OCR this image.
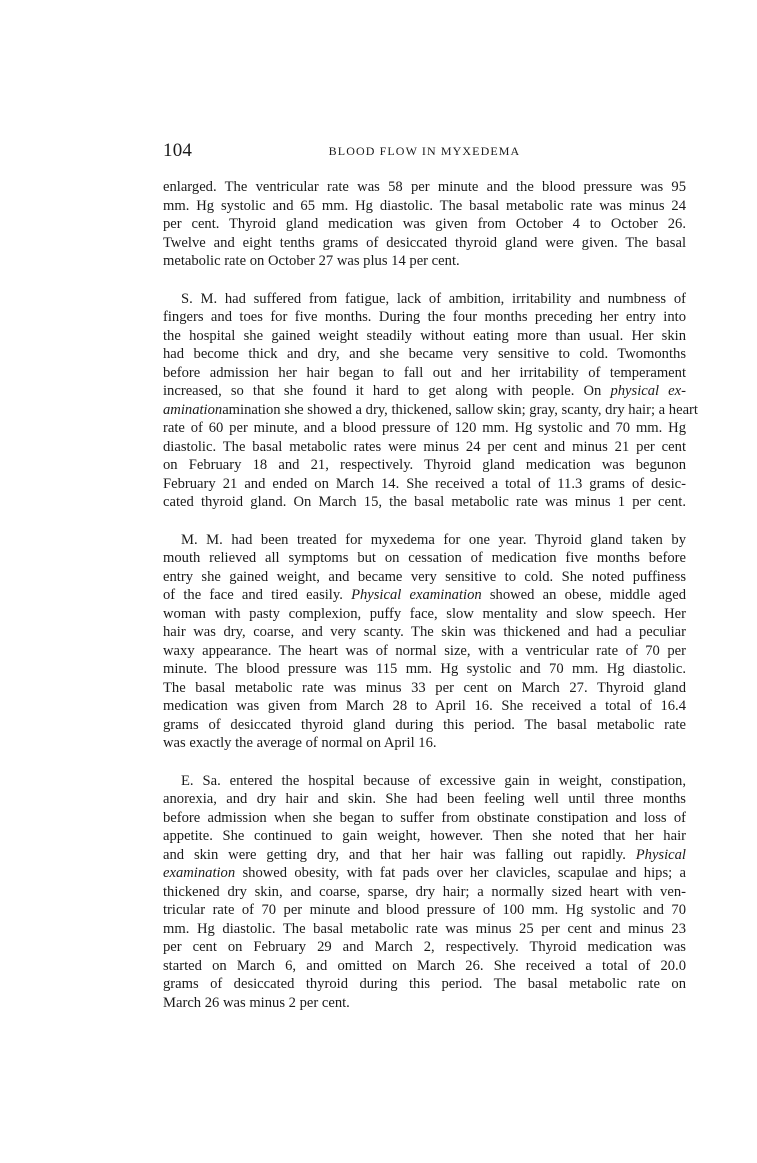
104	BLOOD FLOW IN MYXEDEMA

enlarged. The ventricular rate was 58 per minute and the blood pressure was 95
mm. Hg systolic and 65 mm. Hg diastolic. The basal metabolic rate was minus 24
per cent. Thyroid gland medication was given from October 4 to October 26.
Twelve and eight tenths grams of desiccated thyroid gland were given. The basal
metabolic rate on October 27 was plus 14 per cent.

S. M. had suffered from fatigue, lack of ambition, irritability and numbness of
fingers and toes for five months. During the four months preceding her entry into
the hospital she gained weight steadily without eating more than usual. Her skin
had become thick and dry, and she became very sensitive to cold. Twomonths
before admission her hair began to fall out and her irritability of temperament
increased, so that she found it hard to get along with people. On physical ex-
aminationamination she showed a dry, thickened, sallow skin; gray, scanty, dry hair; a heart
rate of 60 per minute, and a blood pressure of 120 mm. Hg systolic and 70 mm. Hg
diastolic. The basal metabolic rates were minus 24 per cent and minus 21 per cent
on February 18 and 21, respectively. Thyroid gland medication was begunon
February 21 and ended on March 14. She received a total of 11.3 grams of desic-
cated thyroid gland. On March 15, the basal metabolic rate was minus 1 per cent.

M. M. had been treated for myxedema for one year. Thyroid gland taken by
mouth relieved all symptoms but on cessation of medication five months before
entry she gained weight, and became very sensitive to cold. She noted puffiness
of the face and tired easily. Physical examination showed an obese, middle aged
woman with pasty complexion, puffy face, slow mentality and slow speech. Her
hair was dry, coarse, and very scanty. The skin was thickened and had a peculiar
waxy appearance. The heart was of normal size, with a ventricular rate of 70 per
minute. The blood pressure was 115 mm. Hg systolic and 70 mm. Hg diastolic.
The basal metabolic rate was minus 33 per cent on March 27. Thyroid gland
medication was given from March 28 to April 16. She received a total of 16.4
grams of desiccated thyroid gland during this period. The basal metabolic rate
was exactly the average of normal on April 16.

E. Sa. entered the hospital because of excessive gain in weight, constipation,
anorexia, and dry hair and skin. She had been feeling well until three months
before admission when she began to suffer from obstinate constipation and loss of
appetite. She continued to gain weight, however. Then she noted that her hair
and skin were getting dry, and that her hair was falling out rapidly. Physical
examination showed obesity, with fat pads over her clavicles, scapulae and hips; a
thickened dry skin, and coarse, sparse, dry hair; a normally sized heart with ven-
tricular rate of 70 per minute and blood pressure of 100 mm. Hg systolic and 70
mm. Hg diastolic. The basal metabolic rate was minus 25 per cent and minus 23
per cent on February 29 and March 2, respectively. Thyroid medication was
started on March 6, and omitted on March 26. She received a total of 20.0
grams of desiccated thyroid during this period. The basal metabolic rate on
March 26 was minus 2 per cent.
